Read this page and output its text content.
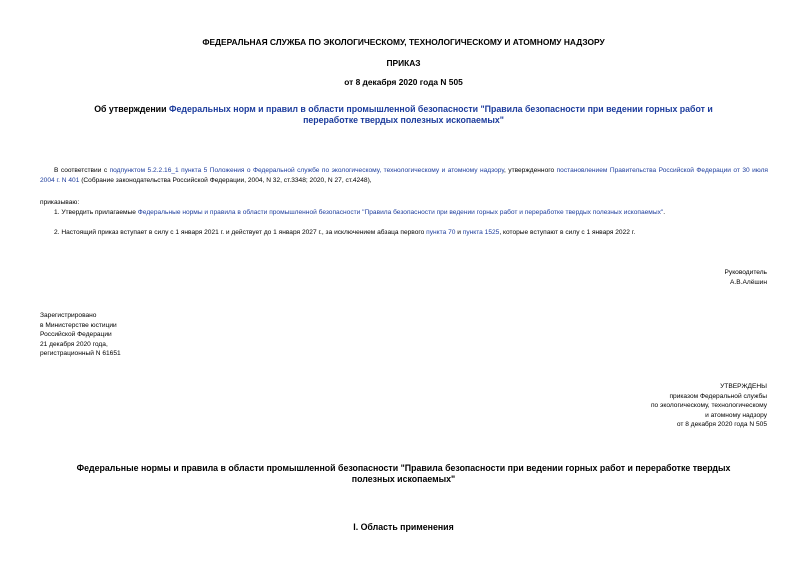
ФЕДЕРАЛЬНАЯ СЛУЖБА ПО ЭКОЛОГИЧЕСКОМУ, ТЕХНОЛОГИЧЕСКОМУ И АТОМНОМУ НАДЗОРУ
ПРИКАЗ
от 8 декабря 2020 года N 505
Об утверждении Федеральных норм и правил в области промышленной безопасности "Правила безопасности при ведении горных работ и переработке твердых полезных ископаемых"
В соответствии с подпунктом 5.2.2.16_1 пункта 5 Положения о Федеральной службе по экологическому, технологическому и атомному надзору, утвержденного постановлением Правительства Российской Федерации от 30 июля 2004 г. N 401 (Собрание законодательства Российской Федерации, 2004, N 32, ст.3348; 2020, N 27, ст.4248),
приказываю:
1. Утвердить прилагаемые Федеральные нормы и правила в области промышленной безопасности "Правила безопасности при ведении горных работ и переработке твердых полезных ископаемых".
2. Настоящий приказ вступает в силу с 1 января 2021 г. и действует до 1 января 2027 г., за исключением абзаца первого пункта 70 и пункта 1525, которые вступают в силу с 1 января 2022 г.
Руководитель
А.В.Алёшин
Зарегистрировано
в Министерстве юстиции
Российской Федерации
21 декабря 2020 года,
регистрационный N 61651
УТВЕРЖДЕНЫ
приказом Федеральной службы
по экологическому, технологическому
и атомному надзору
от 8 декабря 2020 года N 505
Федеральные нормы и правила в области промышленной безопасности "Правила безопасности при ведении горных работ и переработке твердых полезных ископаемых"
I. Область применения
